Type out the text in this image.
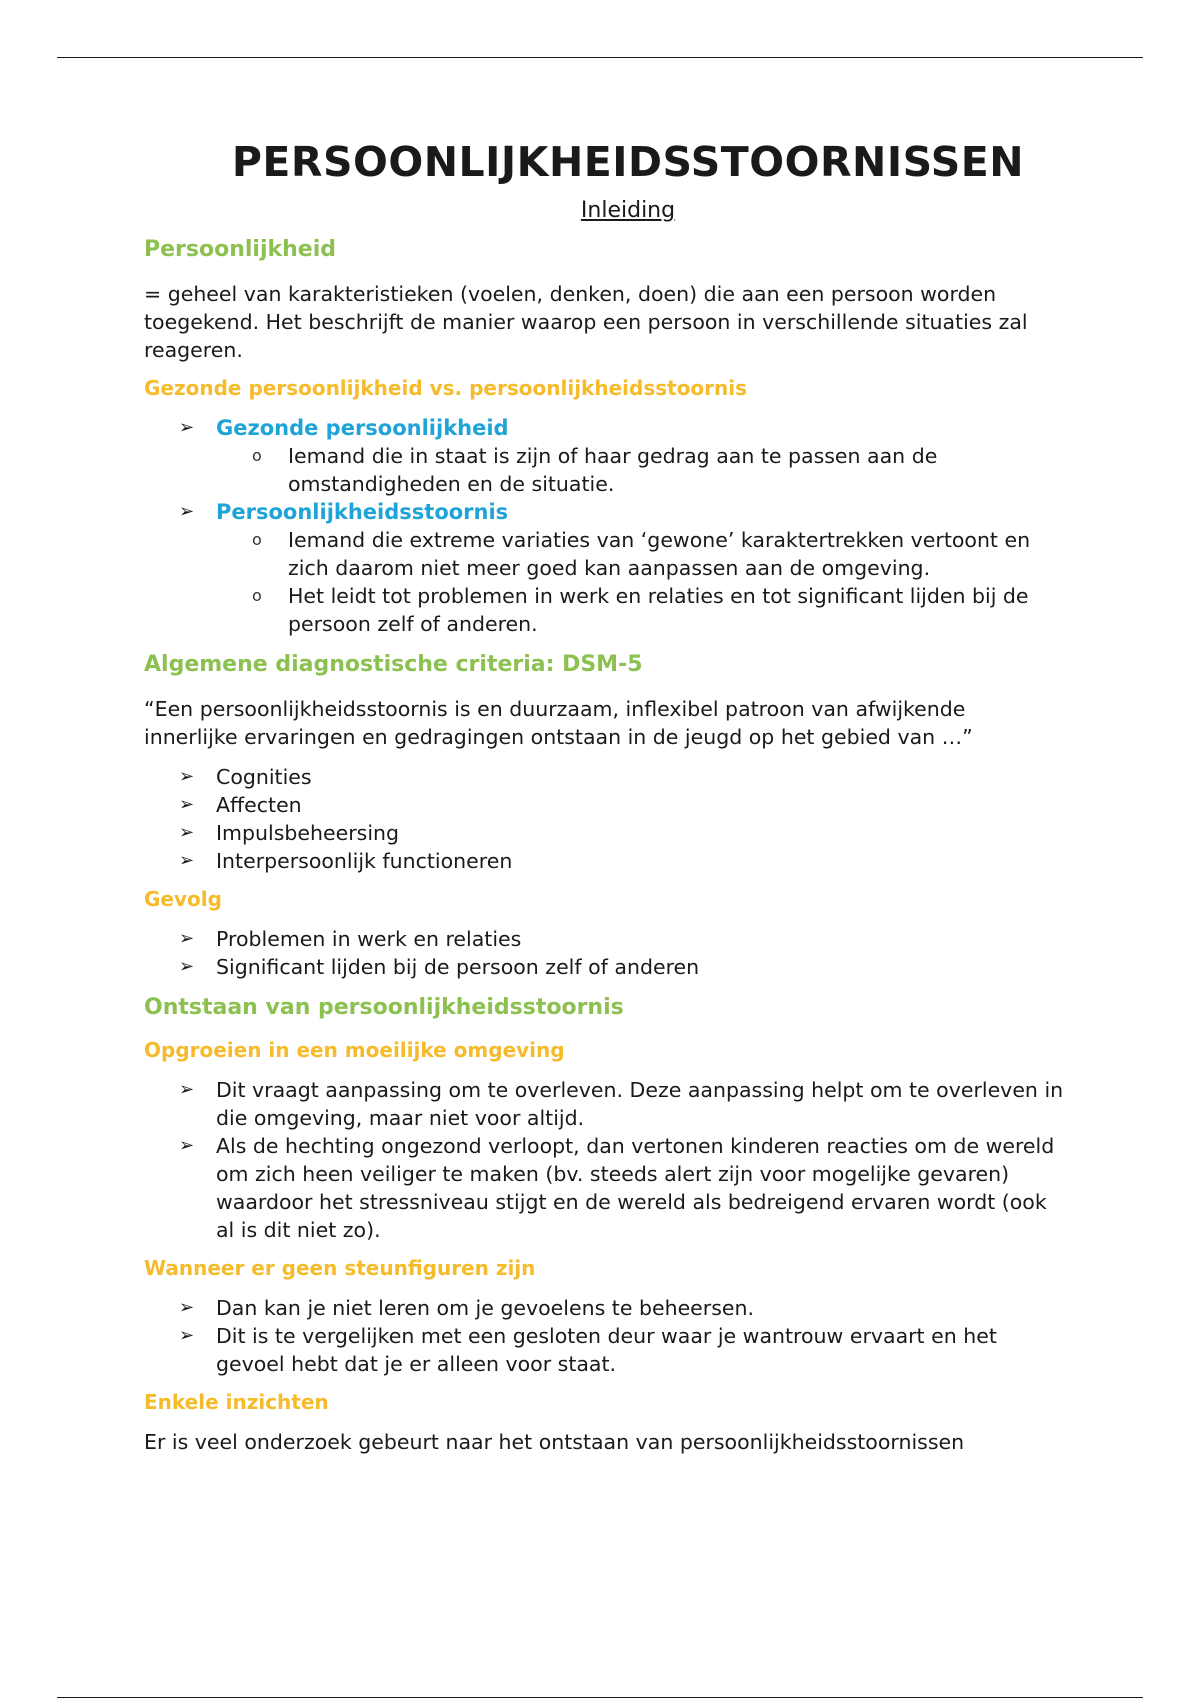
PERSOONLIJKHEIDSSTOORNISSEN
Inleiding
Persoonlijkheid

= geheel van karakteristieken (voelen, denken, doen) die aan een persoon worden toegekend. Het beschrijft de manier waarop een persoon in verschillende situaties zal reageren.

Gezonde persoonlijkheid vs. persoonlijkheidsstoornis
➢ Gezonde persoonlijkheid
o Iemand die in staat is zijn of haar gedrag aan te passen aan de omstandigheden en de situatie.
➢ Persoonlijkheidsstoornis
o Iemand die extreme variaties van ‘gewone’ karaktertrekken vertoont en zich daarom niet meer goed kan aanpassen aan de omgeving.
o Het leidt tot problemen in werk en relaties en tot significant lijden bij de persoon zelf of anderen.
Algemene diagnostische criteria: DSM-5

“Een persoonlijkheidsstoornis is en duurzaam, inflexibel patroon van afwijkende innerlijke ervaringen en gedragingen ontstaan in de jeugd op het gebied van …”

➢ Cognities
➢ Affecten
➢ Impulsbeheersing
➢ Interpersoonlijk functioneren
Gevolg
➢ Problemen in werk en relaties
➢ Significant lijden bij de persoon zelf of anderen
Ontstaan van persoonlijkheidsstoornis
Opgroeien in een moeilijke omgeving
➢ Dit vraagt aanpassing om te overleven. Deze aanpassing helpt om te overleven in die omgeving, maar niet voor altijd.
➢ Als de hechting ongezond verloopt, dan vertonen kinderen reacties om de wereld om zich heen veiliger te maken (bv. steeds alert zijn voor mogelijke gevaren) waardoor het stressniveau stijgt en de wereld als bedreigend ervaren wordt (ook al is dit niet zo).
Wanneer er geen steunfiguren zijn
➢ Dan kan je niet leren om je gevoelens te beheersen.
➢ Dit is te vergelijken met een gesloten deur waar je wantrouw ervaart en het gevoel hebt dat je er alleen voor staat.
Enkele inzichten

Er is veel onderzoek gebeurt naar het ontstaan van persoonlijkheidsstoornissen
